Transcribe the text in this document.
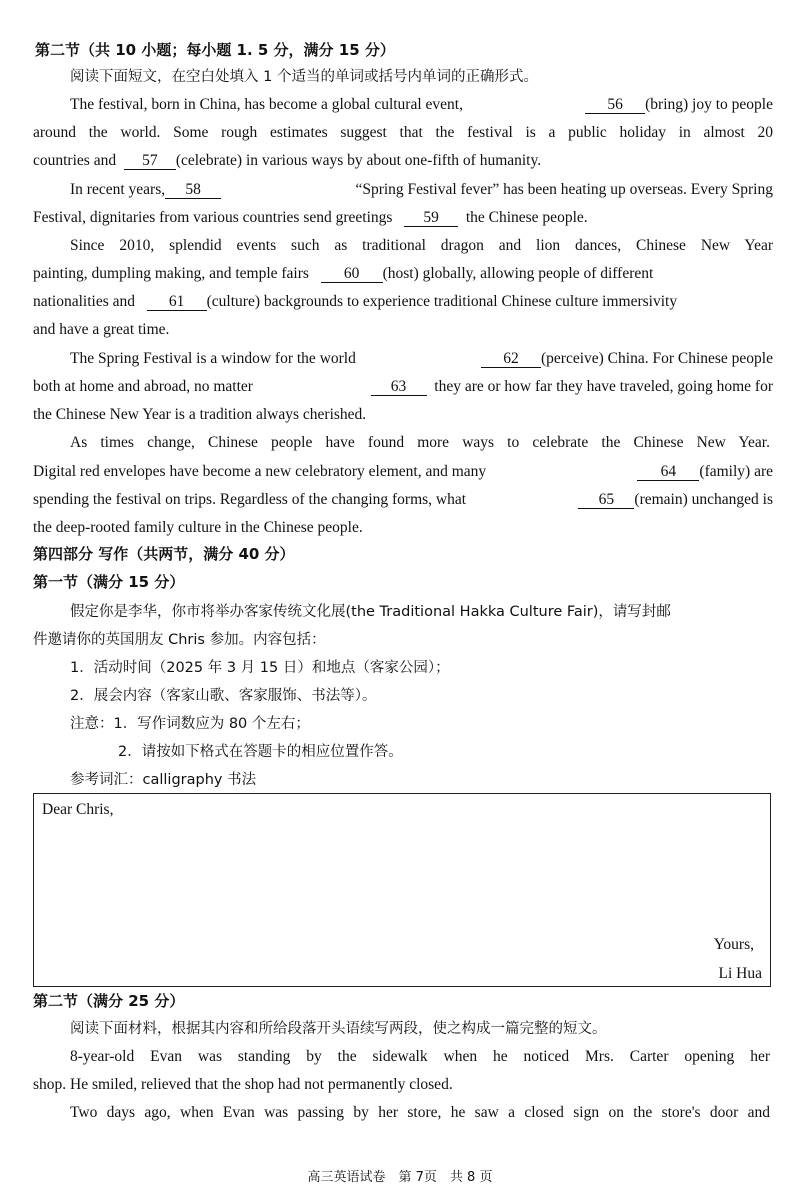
第二节（共 10 小题；每小题 1. 5 分，满分 15 分）
阅读下面短文，在空白处填入 1 个适当的单词或括号内单词的正确形式。
The festival, born in China, has become a global cultural event,	56 (bring) joy to people
around the world. Some rough estimates suggest that the festival is a public holiday in almost 20
countries and 57 (celebrate) in various ways by about one-fifth of humanity.
In recent years, 58	“Spring Festival fever” has been heating up overseas. Every Spring
Festival, dignitaries from various countries send greetings 59 the Chinese people.
Since 2010, splendid events such as traditional dragon and lion dances, Chinese New Year
painting, dumpling making, and temple fairs 60 (host) globally, allowing people of different
nationalities and 61 (culture) backgrounds to experience traditional Chinese culture immersivity
and have a great time.
The Spring Festival is a window for the world	62 (perceive) China. For Chinese people
both at home and abroad, no matter	63 they are or how far they have traveled, going home for
the Chinese New Year is a tradition always cherished.
As times change, Chinese people have found more ways to celebrate the Chinese New Year.
Digital red envelopes have become a new celebratory element, and many	64 (family) are
spending the festival on trips. Regardless of the changing forms, what	65 (remain) unchanged is
the deep-rooted family culture in the Chinese people.
第四部分 写作（共两节，满分 40 分）
第一节（满分 15 分）
假定你是李华，你市将举办客家传统文化展(the Traditional Hakka Culture Fair)，请写封邮
件邀请你的英国朋友 Chris 参加。内容包括：
1．活动时间（2025 年 3 月 15 日）和地点（客家公园）；
2．展会内容（客家山歌、客家服饰、书法等）。
注意：1．写作词数应为 80 个左右；
2．请按如下格式在答题卡的相应位置作答。
参考词汇：calligraphy 书法
Dear Chris,
Yours,
Li Hua
第二节（满分 25 分）
阅读下面材料，根据其内容和所给段落开头语续写两段，使之构成一篇完整的短文。
8-year-old Evan was standing by the sidewalk when he noticed Mrs. Carter opening her
shop. He smiled, relieved that the shop had not permanently closed.
Two days ago, when Evan was passing by her store, he saw a closed sign on the store's door and
高三英语试卷　第 7页　共 8 页
